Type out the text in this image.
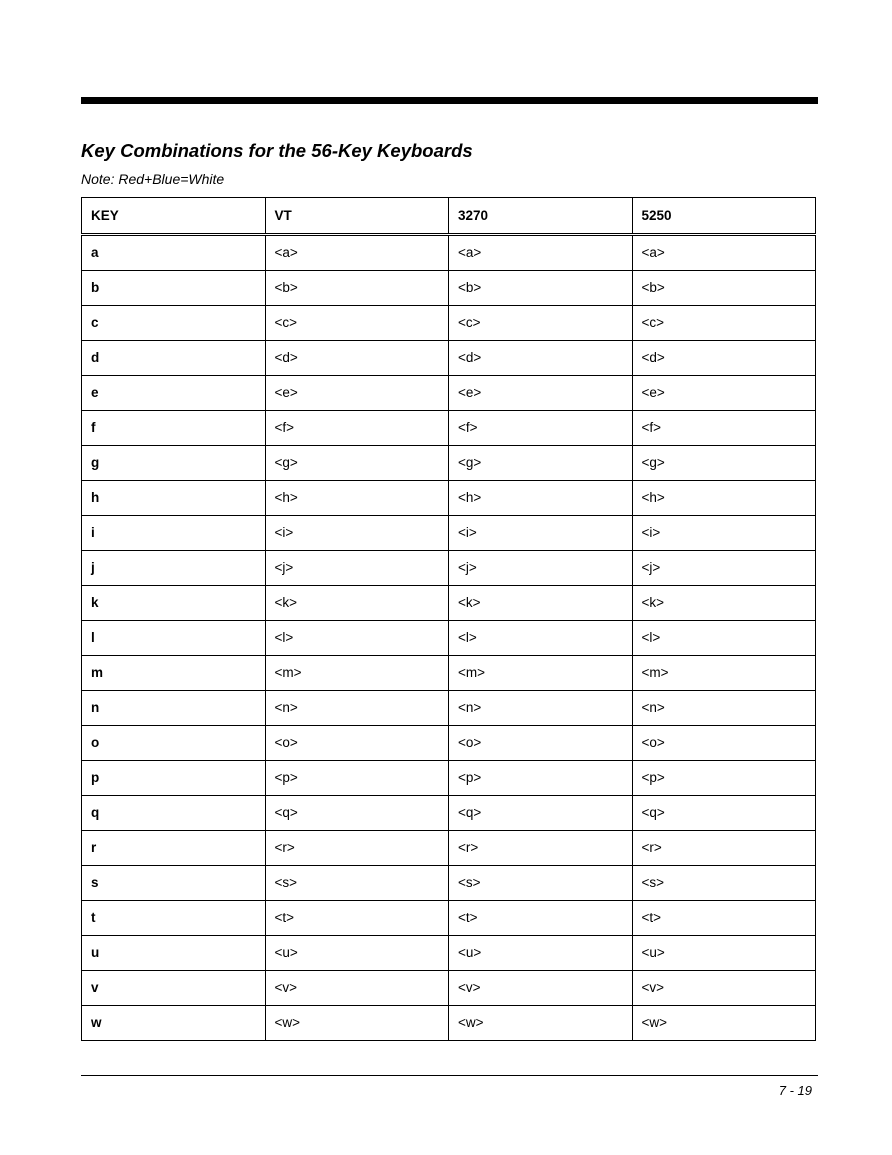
Key Combinations for the 56-Key Keyboards
Note: Red+Blue=White
KEY	VT	3270	5250
a	<a>	<a>	<a>
b	<b>	<b>	<b>
c	<c>	<c>	<c>
d	<d>	<d>	<d>
e	<e>	<e>	<e>
f	<f>	<f>	<f>
g	<g>	<g>	<g>
h	<h>	<h>	<h>
i	<i>	<i>	<i>
j	<j>	<j>	<j>
k	<k>	<k>	<k>
l	<l>	<l>	<l>
m	<m>	<m>	<m>
n	<n>	<n>	<n>
o	<o>	<o>	<o>
p	<p>	<p>	<p>
q	<q>	<q>	<q>
r	<r>	<r>	<r>
s	<s>	<s>	<s>
t	<t>	<t>	<t>
u	<u>	<u>	<u>
v	<v>	<v>	<v>
w	<w>	<w>	<w>
7 - 19
